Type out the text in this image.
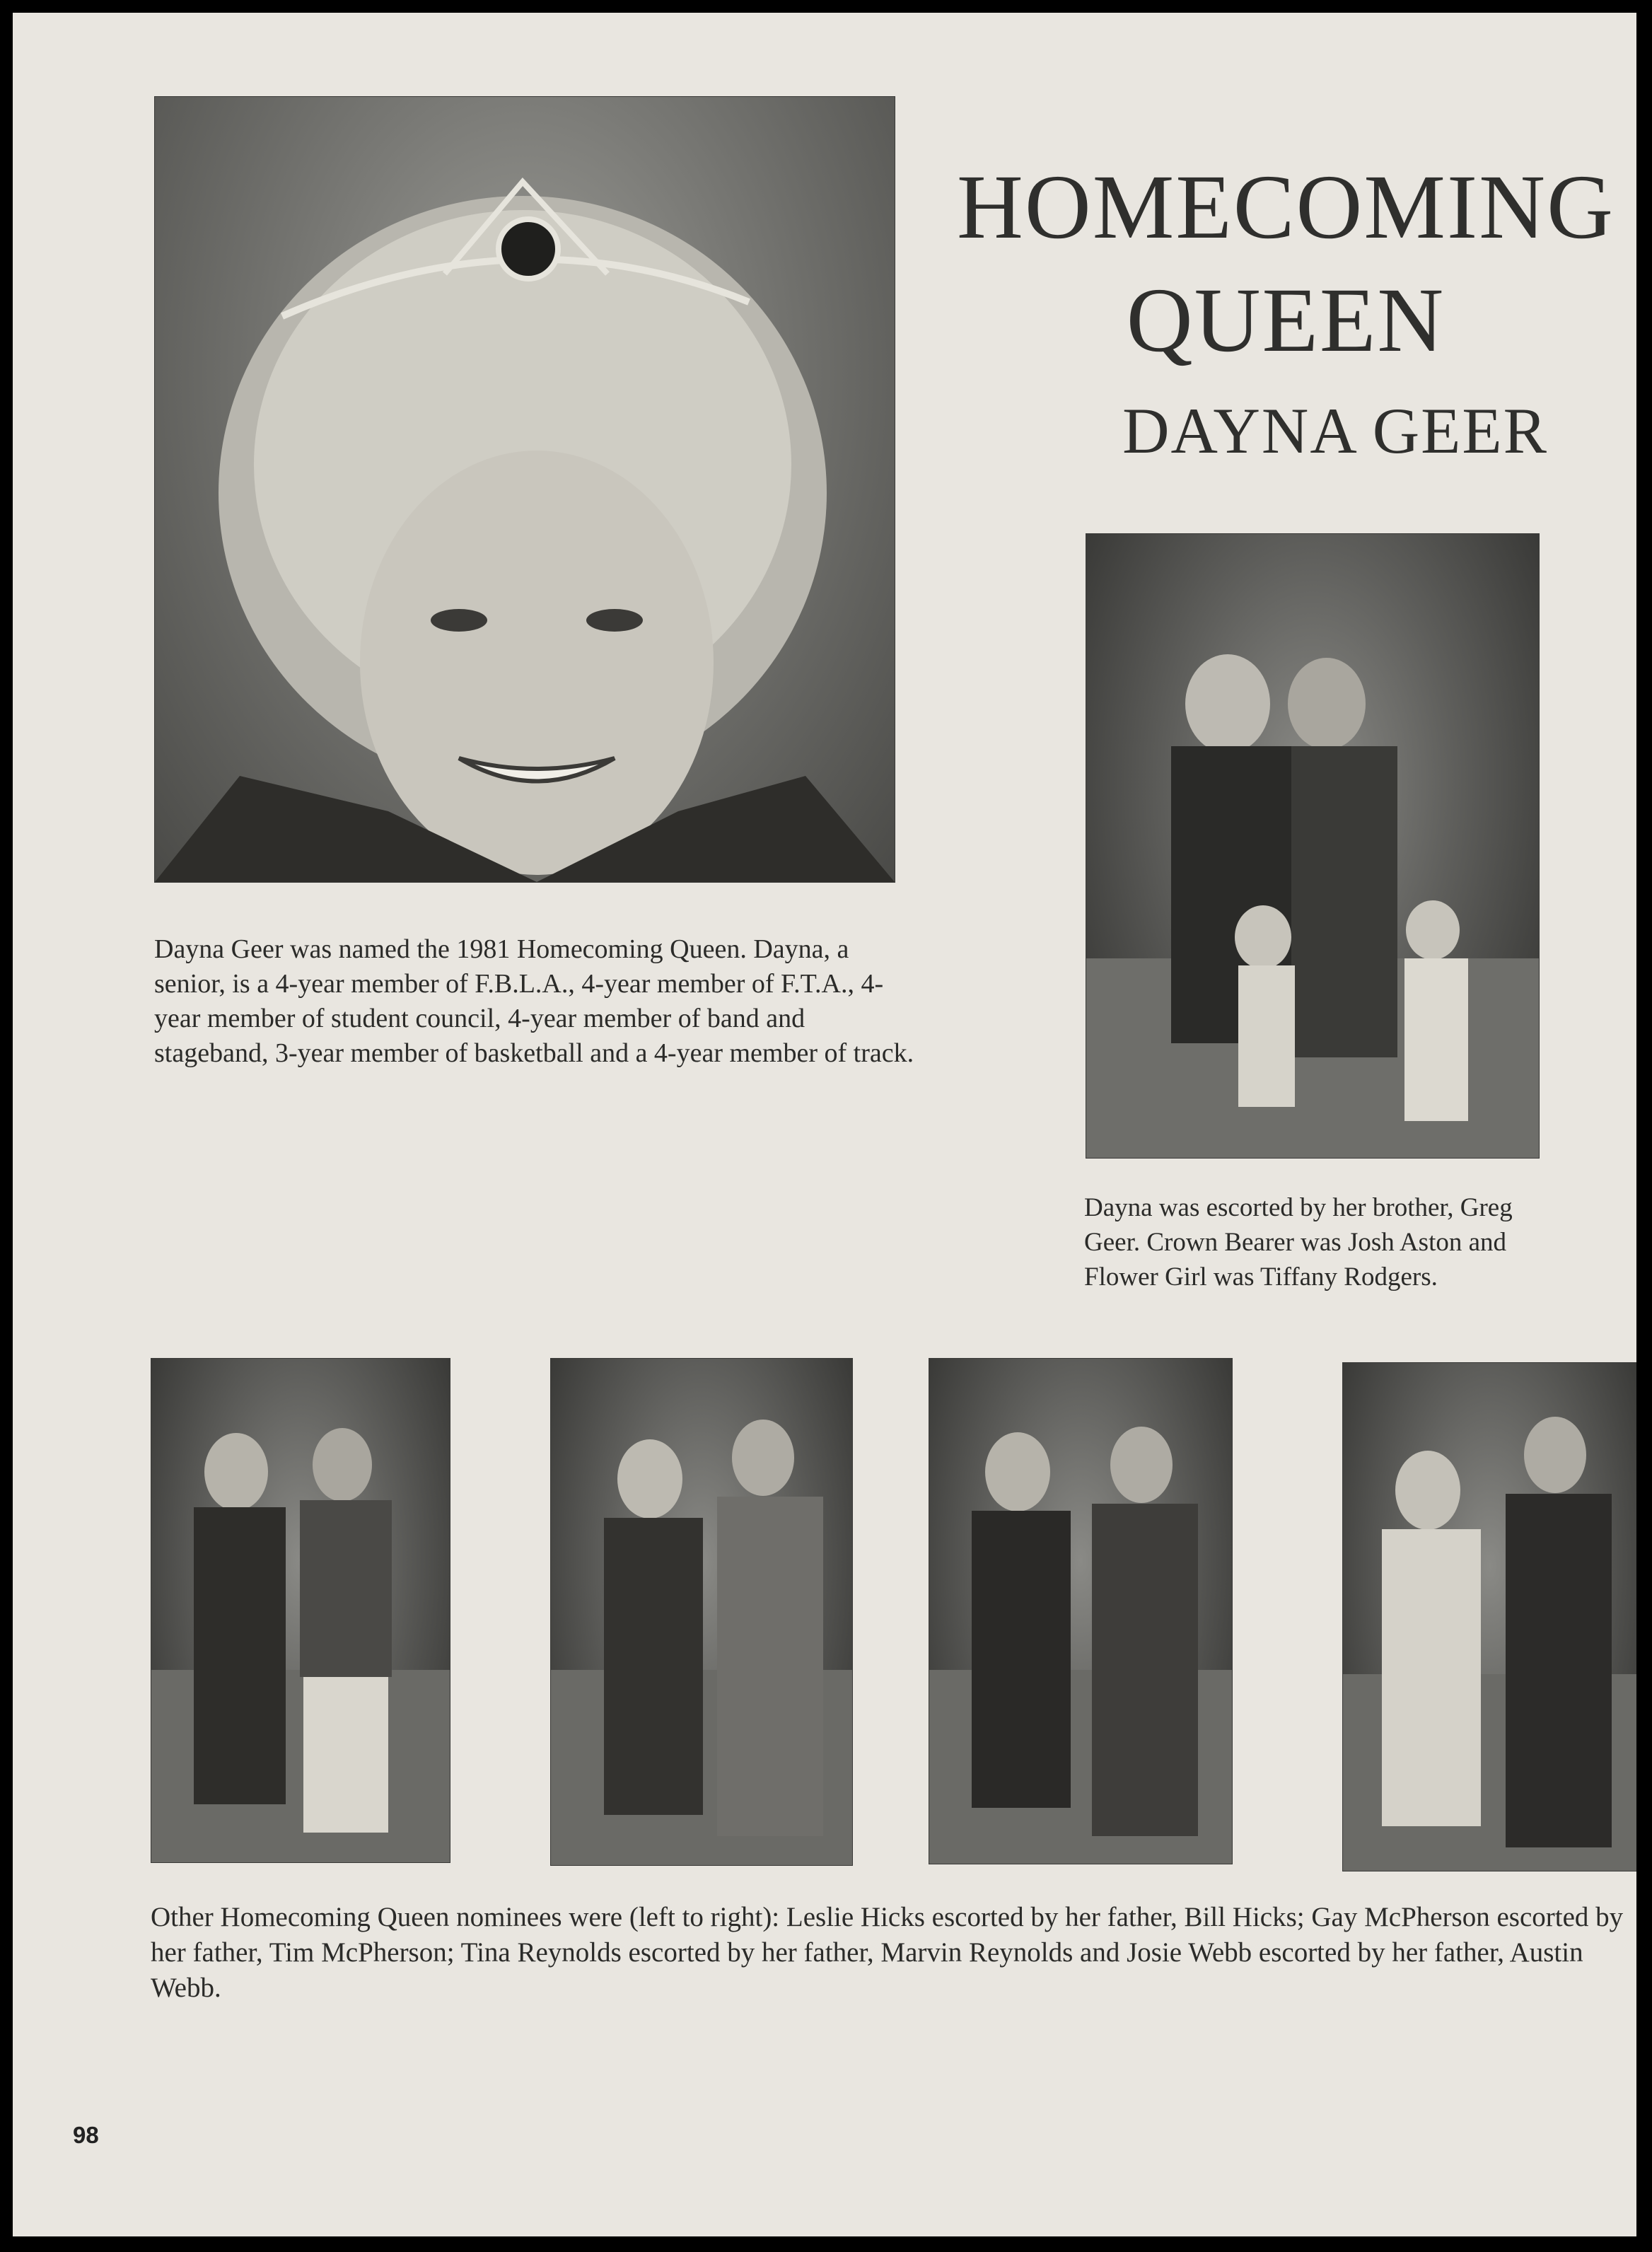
HOMECOMING
QUEEN
DAYNA GEER
Dayna Geer was named the 1981 Homecoming Queen. Dayna, a senior, is a 4-year member of F.B.L.A., 4-year member of F.T.A., 4-year member of student council, 4-year member of band and stageband, 3-year member of basketball and a 4-year member of track.
Dayna was escorted by her brother, Greg Geer. Crown Bearer was Josh Aston and Flower Girl was Tiffany Rodgers.
Other Homecoming Queen nominees were (left to right): Leslie Hicks escorted by her father, Bill Hicks; Gay McPherson escorted by her father, Tim McPherson; Tina Reynolds escorted by her father, Marvin Reynolds and Josie Webb escorted by her father, Austin Webb.
98
